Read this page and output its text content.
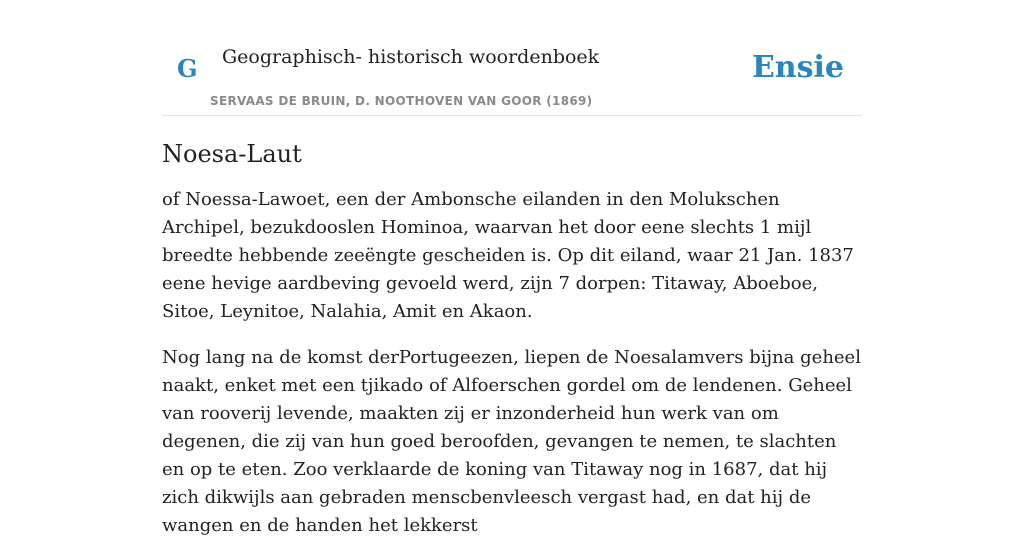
G Geographisch- historisch woordenboek
SERVAAS DE BRUIN, D. NOOTHOVEN VAN GOOR (1869)
Ensie
Noesa-Laut

of Noessa-Lawoet, een der Ambonsche eilanden in den Molukschen Archipel, bezukdooslen Hominoa, waarvan het door eene slechts 1 mijl breedte hebbende zeeëngte gescheiden is. Op dit eiland, waar 21 Jan. 1837 eene hevige aardbeving gevoeld werd, zijn 7 dorpen: Titaway, Aboeboe, Sitoe, Leynitoe, Nalahia, Amit en Akaon.

Nog lang na de komst derPortugeezen, liepen de Noesalamvers bijna geheel naakt, enket met een tjikado of Alfoerschen gordel om de lendenen. Geheel van rooverij levende, maakten zij er inzonderheid hun werk van om degenen, die zij van hun goed beroofden, gevangen te nemen, te slachten en op te eten. Zoo verklaarde de koning van Titaway nog in 1687, dat hij zich dikwijls aan gebraden menscbenvleesch vergast had, en dat hij de wangen en de handen het lekkerst
